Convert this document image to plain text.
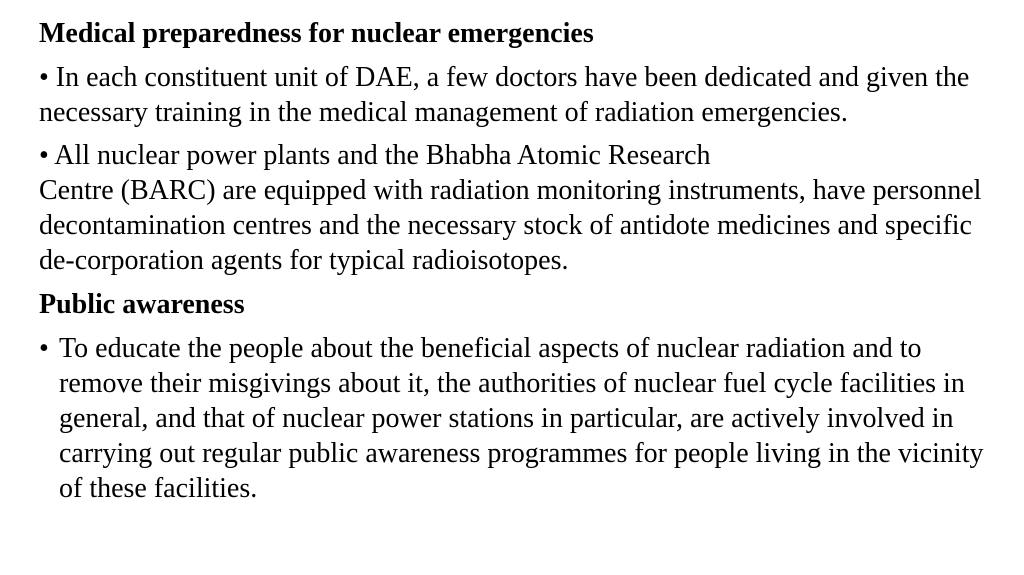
Medical preparedness for nuclear emergencies

• In each constituent unit of DAE, a few doctors have been dedicated and given the necessary training in the medical management of radiation emergencies.

• All nuclear power plants and the Bhabha Atomic Research
Centre (BARC) are equipped with radiation monitoring instruments, have personnel decontamination centres and the necessary stock of antidote medicines and specific de-corporation agents for typical radioisotopes.

Public awareness
• To educate the people about the beneficial aspects of nuclear radiation and to remove their misgivings about it, the authorities of nuclear fuel cycle facilities in general, and that of nuclear power stations in particular, are actively involved in carrying out regular public awareness programmes for people living in the vicinity of these facilities.
